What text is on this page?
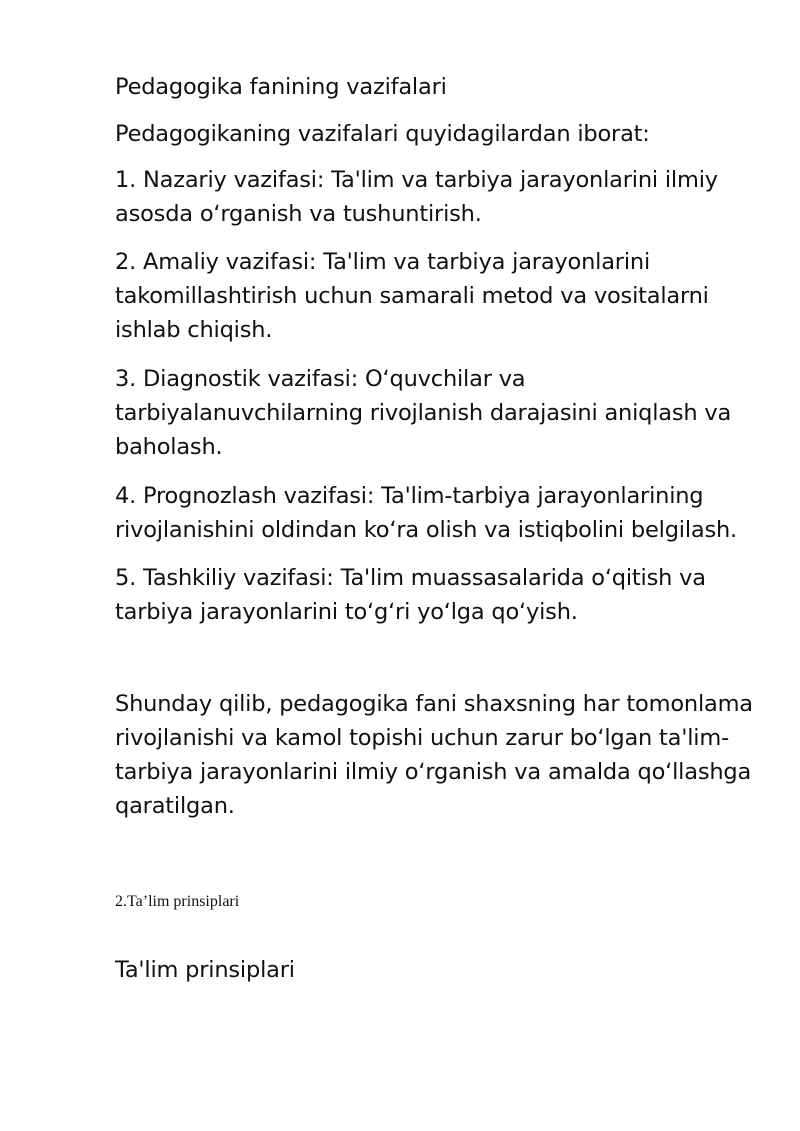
Pedagogika fanining vazifalari
Pedagogikaning vazifalari quyidagilardan iborat:
1. Nazariy vazifasi: Ta'lim va tarbiya jarayonlarini ilmiy
asosda oʻrganish va tushuntirish.
2. Amaliy vazifasi: Ta'lim va tarbiya jarayonlarini
takomillashtirish uchun samarali metod va vositalarni
ishlab chiqish.
3. Diagnostik vazifasi: Oʻquvchilar va
tarbiyalanuvchilarning rivojlanish darajasini aniqlash va
baholash.
4. Prognozlash vazifasi: Ta'lim-tarbiya jarayonlarining
rivojlanishini oldindan koʻra olish va istiqbolini belgilash.
5. Tashkiliy vazifasi: Ta'lim muassasalarida oʻqitish va
tarbiya jarayonlarini toʻgʻri yoʻlga qoʻyish.
Shunday qilib, pedagogika fani shaxsning har tomonlama
rivojlanishi va kamol topishi uchun zarur boʻlgan ta'lim-
tarbiya jarayonlarini ilmiy oʻrganish va amalda qoʻllashga
qaratilgan.
2.Ta’lim prinsiplari
Ta'lim prinsiplari
